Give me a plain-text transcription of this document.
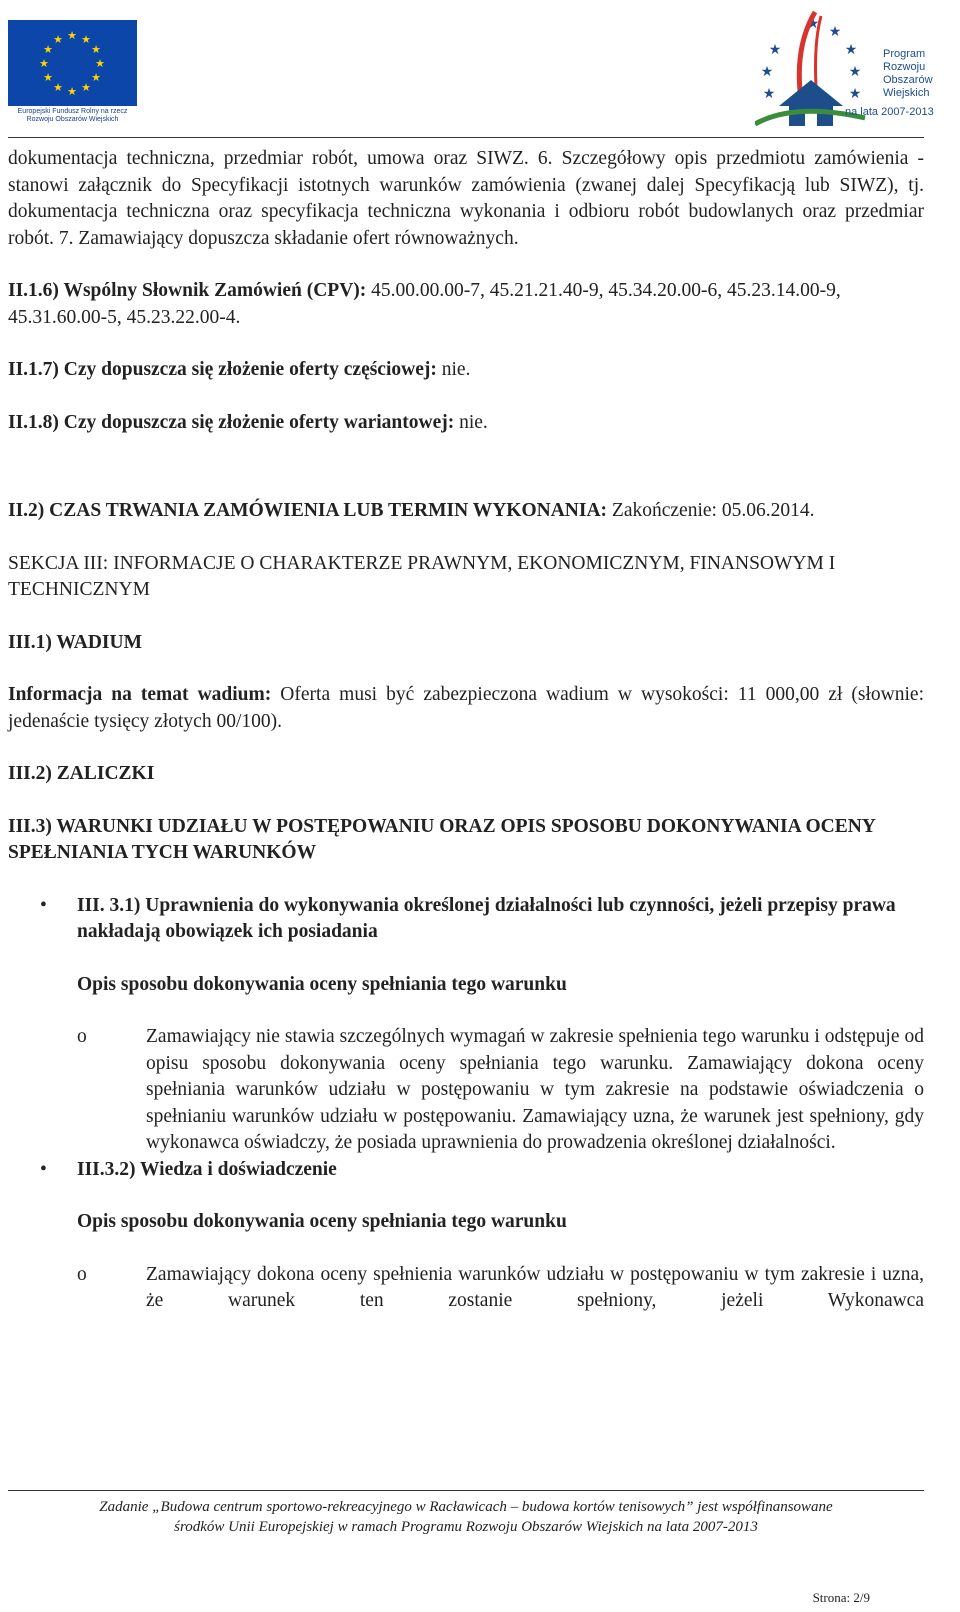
★ ★
★
★
★
★
★
★
★
★
★
★
Europejski Fundusz Rolny na rzecz Rozwoju Obszarów Wiejskich
★ ★
★
★
★
★
★	★
Program
Rozwoju
Obszarów
Wiejskich
na lata 2007-2013

dokumentacja techniczna, przedmiar robót, umowa oraz SIWZ. 6. Szczegółowy opis przedmiotu zamówienia - stanowi załącznik do Specyfikacji istotnych warunków zamówienia (zwanej dalej Specyfikacją lub SIWZ), tj. dokumentacja techniczna oraz specyfikacja techniczna wykonania i odbioru robót budowlanych oraz przedmiar robót. 7. Zamawiający dopuszcza składanie ofert równoważnych.

II.1.6) Wspólny Słownik Zamówień (CPV): 45.00.00.00-7, 45.21.21.40-9, 45.34.20.00-6, 45.23.14.00-9, 45.31.60.00-5, 45.23.22.00-4.

II.1.7) Czy dopuszcza się złożenie oferty częściowej: nie.

II.1.8) Czy dopuszcza się złożenie oferty wariantowej: nie.

II.2) CZAS TRWANIA ZAMÓWIENIA LUB TERMIN WYKONANIA: Zakończenie: 05.06.2014.

SEKCJA III: INFORMACJE O CHARAKTERZE PRAWNYM, EKONOMICZNYM, FINANSOWYM I TECHNICZNYM

III.1) WADIUM

Informacja na temat wadium: Oferta musi być zabezpieczona wadium w wysokości: 11 000,00 zł (słownie: jedenaście tysięcy złotych 00/100).

III.2) ZALICZKI

III.3) WARUNKI UDZIAŁU W POSTĘPOWANIU ORAZ OPIS SPOSOBU DOKONYWANIA OCENY SPEŁNIANIA TYCH WARUNKÓW

• III. 3.1) Uprawnienia do wykonywania określonej działalności lub czynności, jeżeli przepisy prawa nakładają obowiązek ich posiadania

Opis sposobu dokonywania oceny spełniania tego warunku

o	Zamawiający nie stawia szczególnych wymagań w zakresie spełnienia tego warunku i odstępuje od opisu sposobu dokonywania oceny spełniania tego warunku. Zamawiający dokona oceny spełniania warunków udziału w postępowaniu w tym zakresie na podstawie oświadczenia o spełnianiu warunków udziału w postępowaniu. Zamawiający uzna, że warunek jest spełniony, gdy wykonawca oświadczy, że posiada uprawnienia do prowadzenia określonej działalności.

• III.3.2) Wiedza i doświadczenie

Opis sposobu dokonywania oceny spełniania tego warunku

o	Zamawiający dokona oceny spełnienia warunków udziału w postępowaniu w tym zakresie i uzna, że warunek ten zostanie spełniony, jeżeli Wykonawca

Zadanie „Budowa centrum sportowo-rekreacyjnego w Racławicach – budowa kortów tenisowych” jest współfinansowane
środków Unii Europejskiej w ramach Programu Rozwoju Obszarów Wiejskich na lata 2007-2013
Strona: 2/9
